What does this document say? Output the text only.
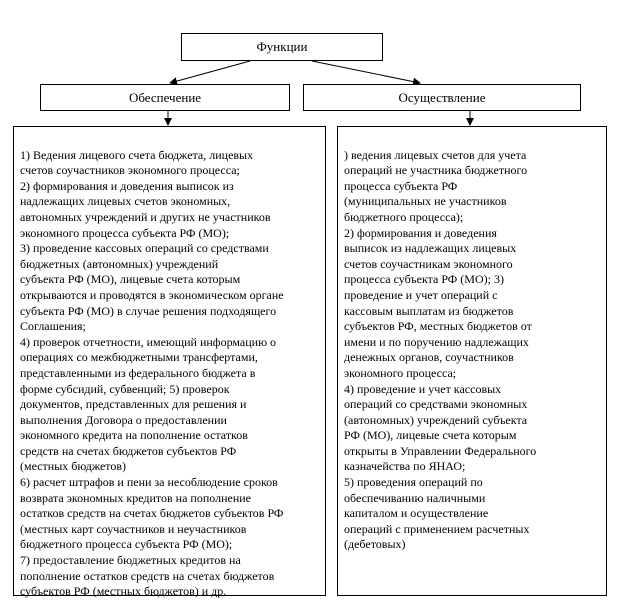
Функции
Обеспечение	Осуществление

1) Ведения лицевого счета бюджета, лицевых
счетов соучастников экономного процесса;
2) формирования и доведения выписок из
надлежащих лицевых счетов экономных,
автономных учреждений и других не участников
экономного процесса субъекта РФ (МО);
3) проведение кассовых операций со средствами
бюджетных (автономных) учреждений
субъекта РФ (МО), лицевые счета которым
открываются и проводятся в экономическом органе
субъекта РФ (МО) в случае решения подходящего
Соглашения;
4) проверок отчетности, имеющий информацию о
операциях со межбюджетными трансфертами,
представленными из федерального бюджета в
форме субсидий, субвенций; 5) проверок
документов, представленных для решения и
выполнения Договора о предоставлении
экономного кредита на пополнение остатков
средств на счетах бюджетов субъектов РФ
(местных бюджетов)
6) расчет штрафов и пени за несоблюдение сроков
возврата экономных кредитов на пополнение
остатков средств на счетах бюджетов субъектов РФ
(местных карт соучастников и неучастников
бюджетного процесса субъекта РФ (МО);
7) предоставление бюджетных кредитов на
пополнение остатков средств на счетах бюджетов
субъектов РФ (местных бюджетов) и др.

) ведения лицевых счетов для учета
операций не участника бюджетного
процесса субъекта РФ
(муниципальных не участников
бюджетного процесса);
2) формирования и доведения
выписок из надлежащих лицевых
счетов соучастникам экономного
процесса субъекта РФ (МО); 3)
проведение и учет операций с
кассовым выплатам из бюджетов
субъектов РФ, местных бюджетов от
имени и по поручению надлежащих
денежных органов, соучастников
экономного процесса;
4) проведение и учет кассовых
операций со средствами экономных
(автономных) учреждений субъекта
РФ (МО), лицевые счета которым
открыты в Управлении Федерального
казначейства по ЯНАО;
5) проведения операций по
обеспечиванию наличными
капиталом и осуществление
операций с применением расчетных
(дебетовых)
